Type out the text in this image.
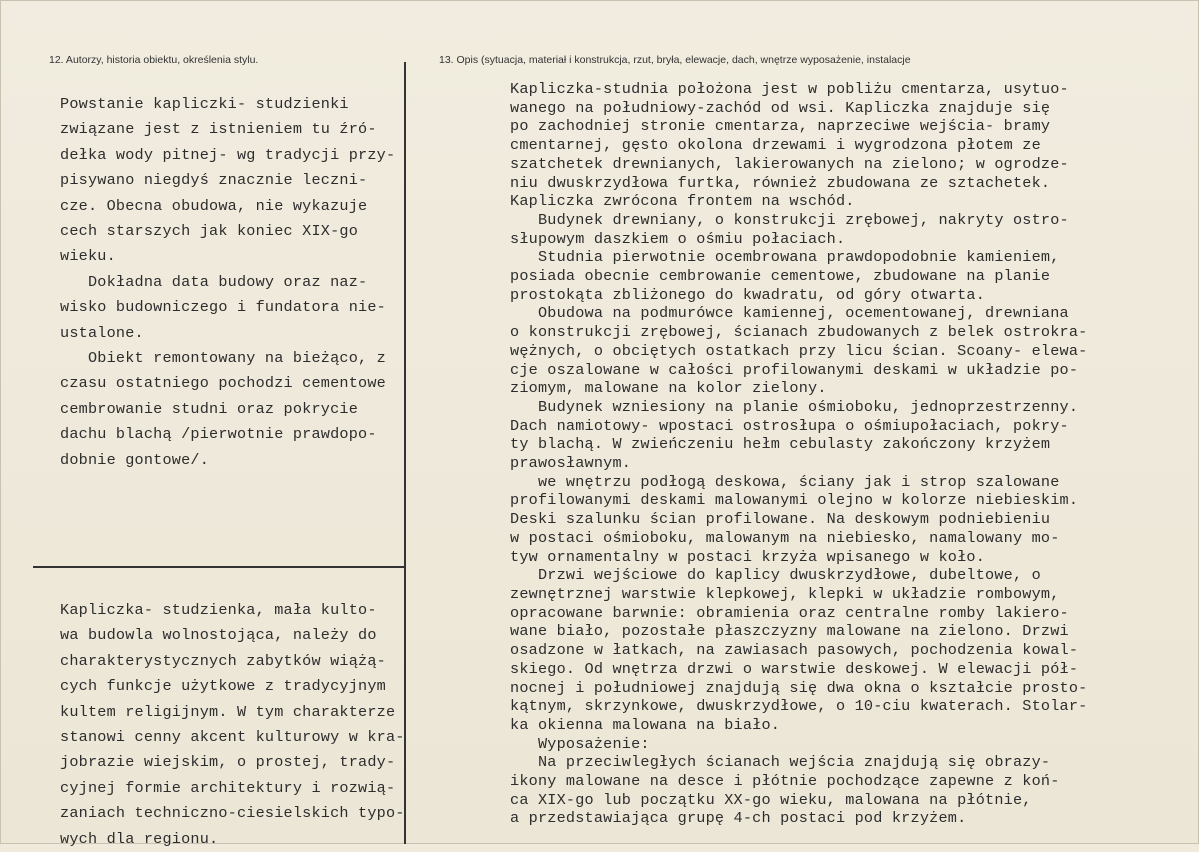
12. Autorzy, historia obiektu, określenia stylu.	13. Opis (sytuacja, materiał i konstrukcja, rzut, bryła, elewacje, dach, wnętrze wyposażenie, instalacje
Powstanie kapliczki- studzienki
związane jest z istnieniem tu źró-
dełka wody pitnej- wg tradycji przy-
pisywano niegdyś znacznie leczni-
cze. Obecna obudowa, nie wykazuje
cech starszych jak koniec XIX-go
wieku.
Dokładna data budowy oraz naz-
wisko budowniczego i fundatora nie-
ustalone.
Obiekt remontowany na bieżąco, z
czasu ostatniego pochodzi cementowe
cembrowanie studni oraz pokrycie
dachu blachą /pierwotnie prawdopo-
dobnie gontowe/.
Kapliczka- studzienka, mała kulto-
wa budowla wolnostojąca, należy do
charakterystycznych zabytków wiążą-
cych funkcje użytkowe z tradycyjnym
kultem religijnym. W tym charakterze
stanowi cenny akcent kulturowy w kra-
jobrazie wiejskim, o prostej, trady-
cyjnej formie architektury i rozwią-
zaniach techniczno-ciesielskich typo-
wych dla regionu.
Kapliczka-studnia położona jest w pobliżu cmentarza, usytuo-
wanego na południowy-zachód od wsi. Kapliczka znajduje się
po zachodniej stronie cmentarza, naprzeciwe wejścia- bramy
cmentarnej, gęsto okolona drzewami i wygrodzona płotem ze
szatchetek drewnianych, lakierowanych na zielono; w ogrodze-
niu dwuskrzydłowa furtka, również zbudowana ze sztachetek.
Kapliczka zwrócona frontem na wschód.
Budynek drewniany, o konstrukcji zrębowej, nakryty ostro-
słupowym daszkiem o ośmiu połaciach.
Studnia pierwotnie ocembrowana prawdopodobnie kamieniem,
posiada obecnie cembrowanie cementowe, zbudowane na planie
prostokąta zbliżonego do kwadratu, od góry otwarta.
Obudowa na podmurówce kamiennej, ocementowanej, drewniana
o konstrukcji zrębowej, ścianach zbudowanych z belek ostrokra-
wężnych, o obciętych ostatkach przy licu ścian. Scoany- elewa-
cje oszalowane w całości profilowanymi deskami w układzie po-
ziomym, malowane na kolor zielony.
Budynek wzniesiony na planie ośmioboku, jednoprzestrzenny.
Dach namiotowy- wpostaci ostrosłupa o ośmiupołaciach, pokry-
ty blachą. W zwieńczeniu hełm cebulasty zakończony krzyżem
prawosławnym.
we wnętrzu podłogą deskowa, ściany jak i strop szalowane
profilowanymi deskami malowanymi olejno w kolorze niebieskim.
Deski szalunku ścian profilowane. Na deskowym podniebieniu
w postaci ośmioboku, malowanym na niebiesko, namalowany mo-
tyw ornamentalny w postaci krzyża wpisanego w koło.
Drzwi wejściowe do kaplicy dwuskrzydłowe, dubeltowe, o
zewnętrznej warstwie klepkowej, klepki w układzie rombowym,
opracowane barwnie: obramienia oraz centralne romby lakiero-
wane biało, pozostałe płaszczyzny malowane na zielono. Drzwi
osadzone w łatkach, na zawiasach pasowych, pochodzenia kowal-
skiego. Od wnętrza drzwi o warstwie deskowej. W elewacji pół-
nocnej i południowej znajdują się dwa okna o kształcie prosto-
kątnym, skrzynkowe, dwuskrzydłowe, o 10-ciu kwaterach. Stolar-
ka okienna malowana na biało.
Wyposażenie:
Na przeciwległych ścianach wejścia znajdują się obrazy-
ikony malowane na desce i płótnie pochodzące zapewne z koń-
ca XIX-go lub początku XX-go wieku, malowana na płótnie,
a przedstawiająca grupę 4-ch postaci pod krzyżem.
